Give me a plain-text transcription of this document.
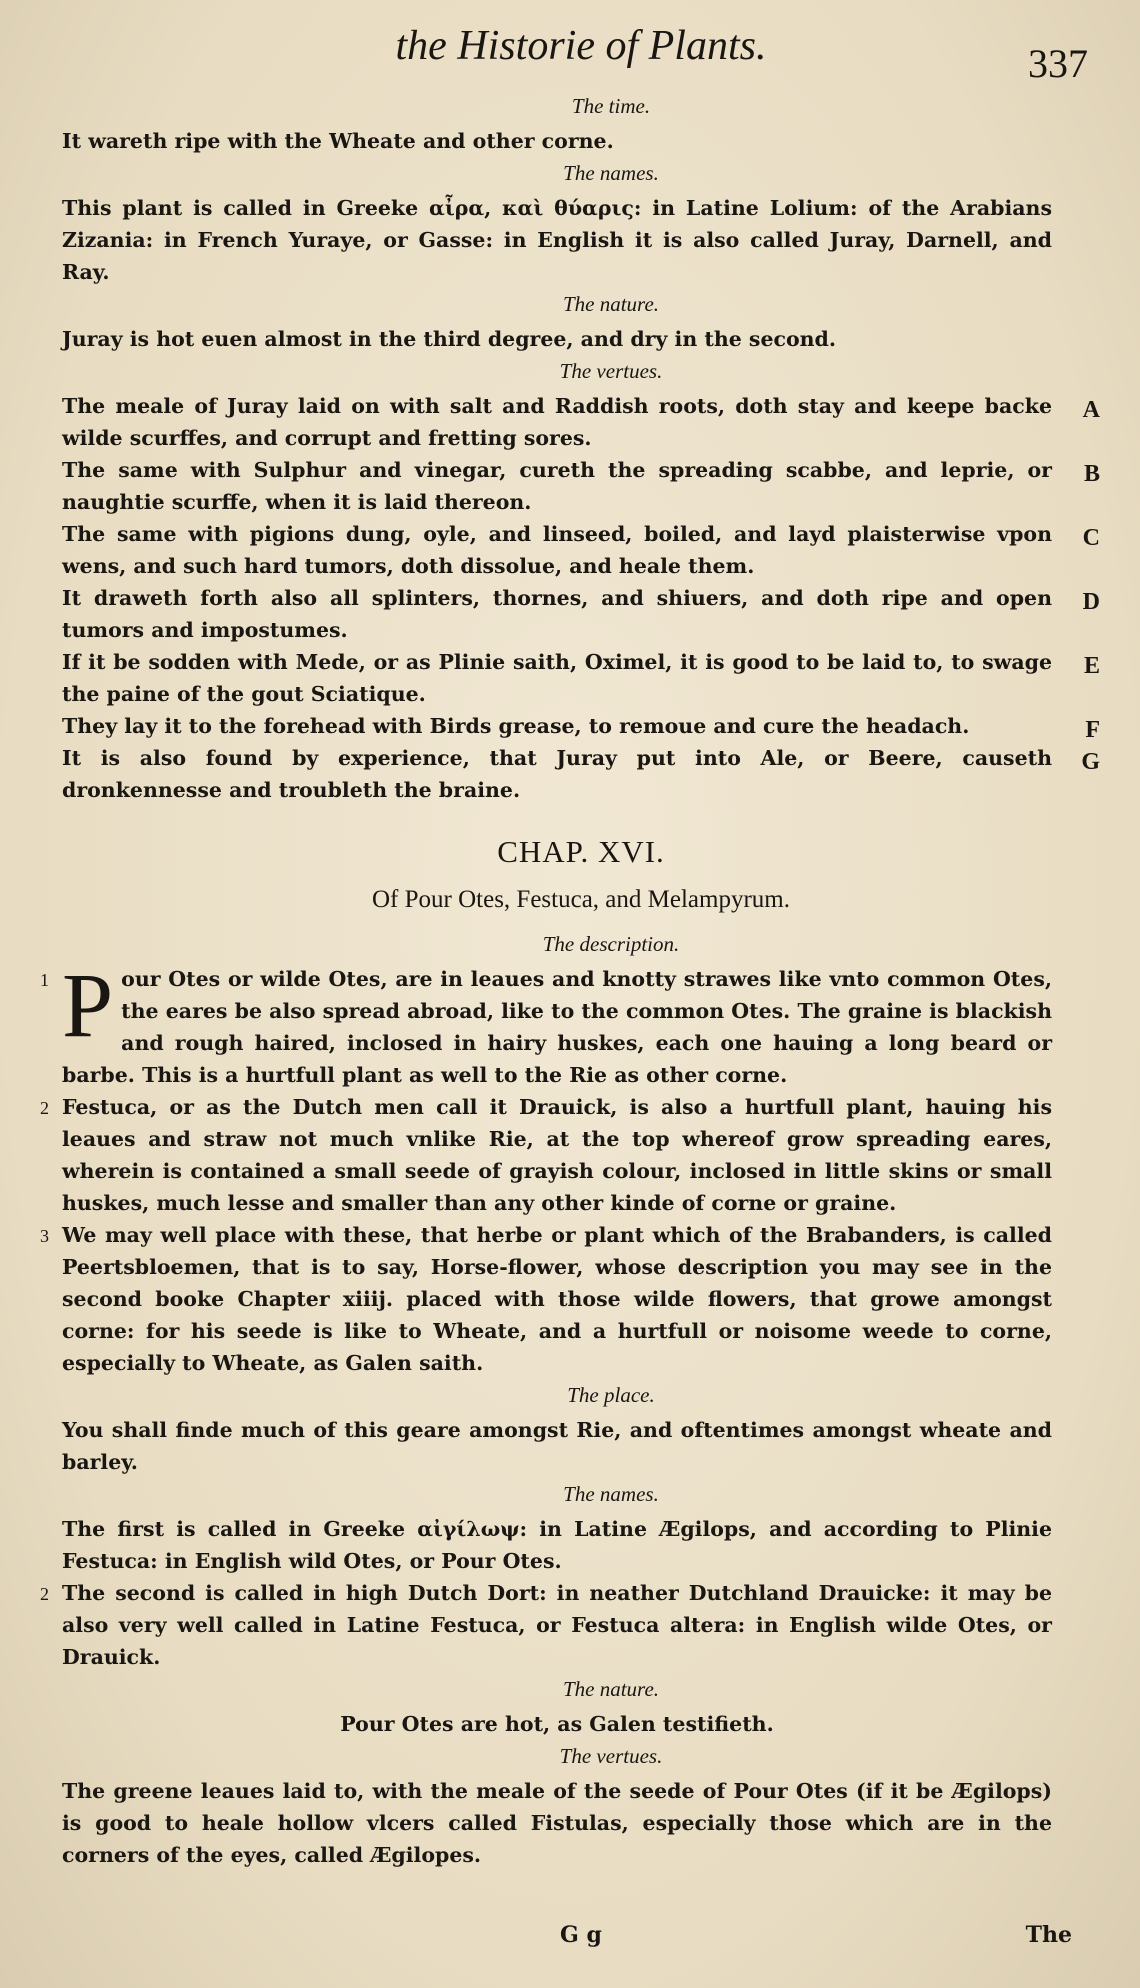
the Historie of Plants.	337
The time.

It wareth ripe with the Wheate and other corne.

The names.

This plant is called in Greeke αἶρα, καὶ θύαρις: in Latine Lolium: of the Arabians Zizania: in French Yuraye, or Gasse: in English it is also called Juray, Darnell, and Ray.

The nature.

Juray is hot euen almost in the third degree, and dry in the second.

The vertues.
The meale of Juray laid on with salt and Raddish roots, doth stay and keepe backe wilde scurffes, and corrupt and fretting sores.
A
The same with Sulphur and vinegar, cureth the spreading scabbe, and leprie, or naughtie scurffe, when it is laid thereon.
B
The same with pigions dung, oyle, and linseed, boiled, and layd plaisterwise vpon wens, and such hard tumors, doth dissolue, and heale them.
C
It draweth forth also all splinters, thornes, and shiuers, and doth ripe and open tumors and impostumes.
D
If it be sodden with Mede, or as Plinie saith, Oximel, it is good to be laid to, to swage the paine of the gout Sciatique.
E
They lay it to the forehead with Birds grease, to remoue and cure the headach.	F
It is also found by experience, that Juray put into Ale, or Beere, causeth dronkennesse and troubleth the braine.
G
CHAP. XVI.
Of Pour Otes, Festuca, and Melampyrum.
The description.
1 P our Otes or wilde Otes, are in leaues and knotty strawes like vnto common Otes, the eares be also spread abroad, like to the common Otes. The graine is blackish and rough haired, inclosed in hairy huskes, each one hauing a long beard or barbe. This is a hurtfull plant as well to the Rie as other corne.
2 Festuca, or as the Dutch men call it Drauick, is also a hurtfull plant, hauing his leaues and straw not much vnlike Rie, at the top whereof grow spreading eares, wherein is contained a small seede of grayish colour, inclosed in little skins or small huskes, much lesse and smaller than any other kinde of corne or graine.
3 We may well place with these, that herbe or plant which of the Brabanders, is called Peertsbloemen, that is to say, Horse-flower, whose description you may see in the second booke Chapter xiiij. placed with those wilde flowers, that growe amongst corne: for his seede is like to Wheate, and a hurtfull or noisome weede to corne, especially to Wheate, as Galen saith.
The place.

You shall finde much of this geare amongst Rie, and oftentimes amongst wheate and barley.

The names.
The first is called in Greeke αἰγίλωψ: in Latine Ægilops, and according to Plinie Festuca: in English wild Otes, or Pour Otes.
2 The second is called in high Dutch Dort: in neather Dutchland Drauicke: it may be also very well called in Latine Festuca, or Festuca altera: in English wilde Otes, or Drauick.
The nature.

Pour Otes are hot, as Galen testifieth.

The vertues.

The greene leaues laid to, with the meale of the seede of Pour Otes (if it be Ægilops) is good to heale hollow vlcers called Fistulas, especially those which are in the corners of the eyes, called Ægilopes.

G g	The
